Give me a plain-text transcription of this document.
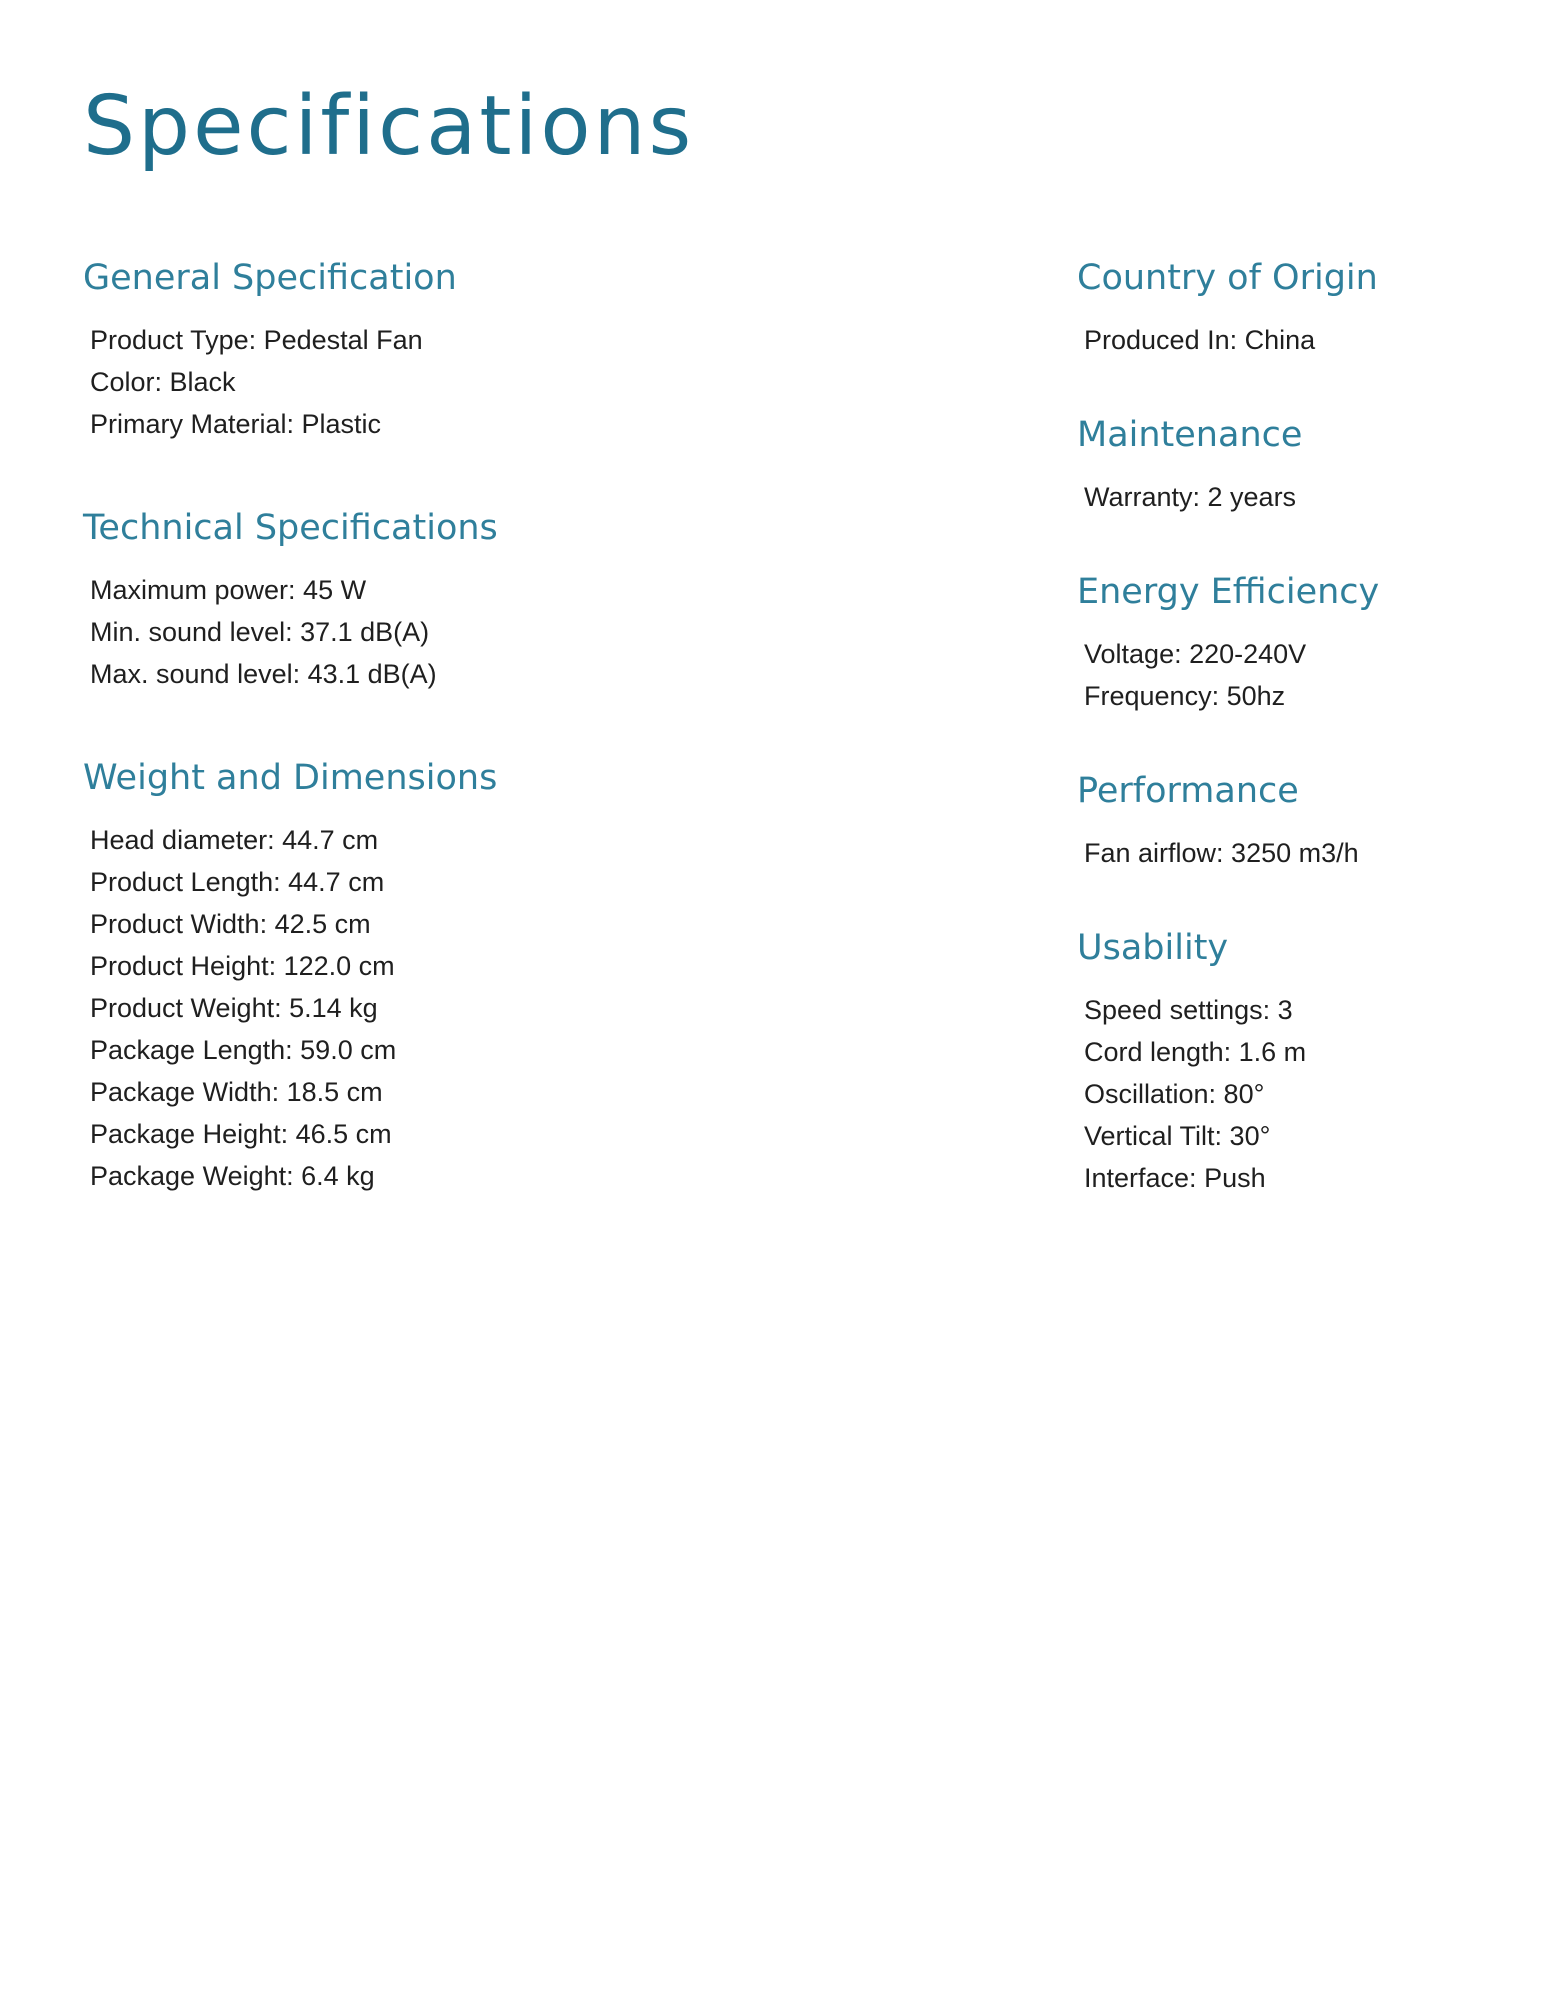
Specifications
General Specification
Product Type: Pedestal Fan
Color: Black
Primary Material: Plastic
Technical Specifications
Maximum power: 45 W
Min. sound level: 37.1 dB(A)
Max. sound level: 43.1 dB(A)
Weight and Dimensions
Head diameter: 44.7 cm
Product Length: 44.7 cm
Product Width: 42.5 cm
Product Height: 122.0 cm
Product Weight: 5.14 kg
Package Length: 59.0 cm
Package Width: 18.5 cm
Package Height: 46.5 cm
Package Weight: 6.4 kg
Country of Origin
Produced In: China
Maintenance
Warranty: 2 years
Energy Efficiency
Voltage: 220-240V
Frequency: 50hz
Performance
Fan airflow: 3250 m3/h
Usability
Speed settings: 3
Cord length: 1.6 m
Oscillation: 80°
Vertical Tilt: 30°
Interface: Push
